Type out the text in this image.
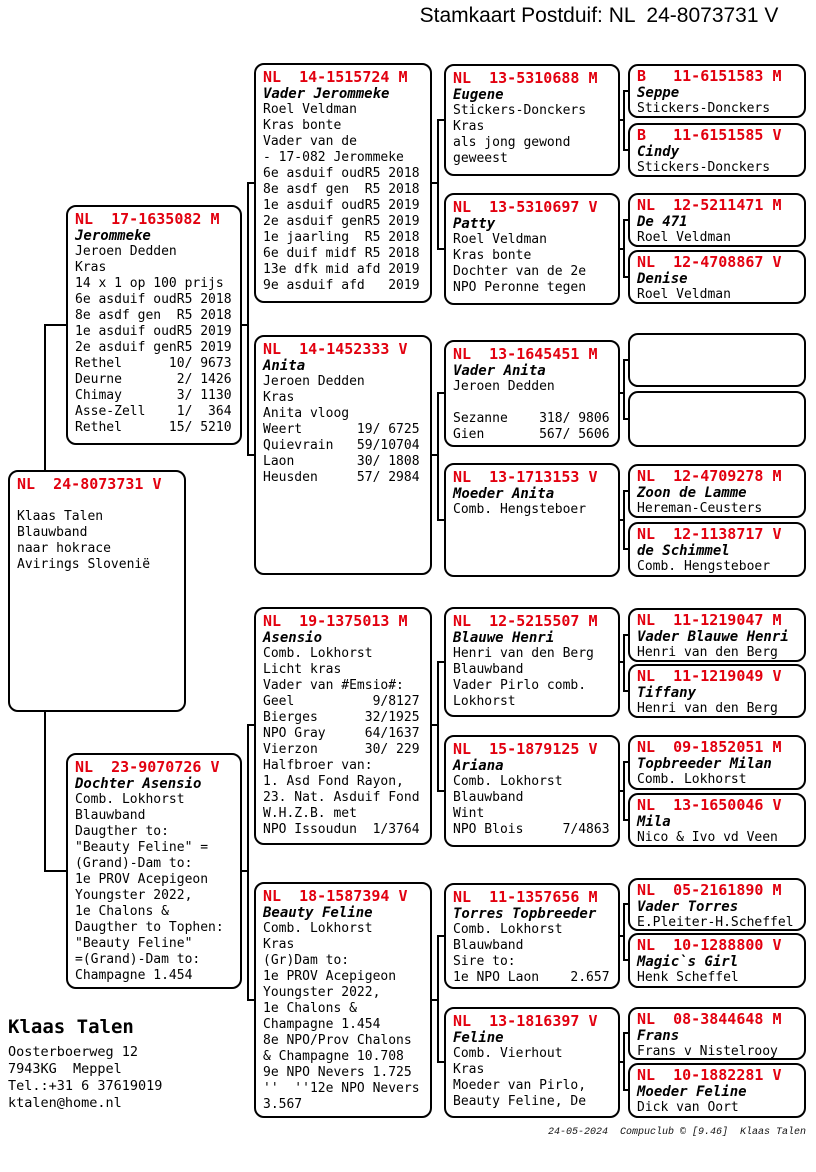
Stamkaart Postduif: NL  24-8073731 V
NL  24-8073731 V
Klaas Talen
Blauwband
naar hokrace
Avirings Slovenië
NL  17-1635082 M
Jerommeke
Jeroen Dedden
Kras
14 x 1 op 100 prijs
6e asduif oudR5 2018
8e asdf gen  R5 2018
1e asduif oudR5 2019
2e asduif genR5 2019
Rethel      10/ 9673
Deurne       2/ 1426
Chimay       3/ 1130
Asse-Zell    1/  364
Rethel      15/ 5210
NL  23-9070726 V
Dochter Asensio
Comb. Lokhorst
Blauwband
Daugther to:
"Beauty Feline" =
(Grand)-Dam to:
1e PROV Acepigeon
Youngster 2022,
1e Chalons &
Daugther to Tophen:
"Beauty Feline"
=(Grand)-Dam to:
Champagne 1.454
NL  14-1515724 M
Vader Jerommeke
Roel Veldman
Kras bonte
Vader van de
- 17-082 Jerommeke
6e asduif oudR5 2018
8e asdf gen  R5 2018
1e asduif oudR5 2019
2e asduif genR5 2019
1e jaarling  R5 2018
6e duif midf R5 2018
13e dfk mid afd 2019
9e asduif afd   2019
NL  14-1452333 V
Anita
Jeroen Dedden
Kras
Anita vloog
Weert       19/ 6725
Quievrain   59/10704
Laon        30/ 1808
Heusden     57/ 2984
NL  19-1375013 M
Asensio
Comb. Lokhorst
Licht kras
Vader van #Emsio#:
Geel          9/8127
Bierges      32/1925
NPO Gray     64/1637
Vierzon      30/ 229
Halfbroer van:
1. Asd Fond Rayon,
23. Nat. Asduif Fond
W.H.Z.B. met
NPO Issoudun  1/3764
NL  18-1587394 V
Beauty Feline
Comb. Lokhorst
Kras
(Gr)Dam to:
1e PROV Acepigeon
Youngster 2022,
1e Chalons &
Champagne 1.454
8e NPO/Prov Chalons
& Champagne 10.708
9e NPO Nevers 1.725
''  ''12e NPO Nevers
3.567
NL  13-5310688 M
Eugene
Stickers-Donckers
Kras
als jong gewond
geweest
NL  13-5310697 V
Patty
Roel Veldman
Kras bonte
Dochter van de 2e
NPO Peronne tegen
NL  13-1645451 M
Vader Anita
Jeroen Dedden

Sezanne    318/ 9806
Gien       567/ 5606
NL  13-1713153 V
Moeder Anita
Comb. Hengsteboer
NL  12-5215507 M
Blauwe Henri
Henri van den Berg
Blauwband
Vader Pirlo comb.
Lokhorst
NL  15-1879125 V
Ariana
Comb. Lokhorst
Blauwband
Wint
NPO Blois     7/4863
NL  11-1357656 M
Torres Topbreeder
Comb. Lokhorst
Blauwband
Sire to:
1e NPO Laon    2.657
NL  13-1816397 V
Feline
Comb. Vierhout
Kras
Moeder van Pirlo,
Beauty Feline, De
B   11-6151583 M
Seppe
Stickers-Donckers
B   11-6151585 V
Cindy
Stickers-Donckers
NL  12-5211471 M
De 471
Roel Veldman
NL  12-4708867 V
Denise
Roel Veldman
NL  12-4709278 M
Zoon de Lamme
Hereman-Ceusters
NL  12-1138717 V
de Schimmel
Comb. Hengsteboer
NL  11-1219047 M
Vader Blauwe Henri
Henri van den Berg
NL  11-1219049 V
Tiffany
Henri van den Berg
NL  09-1852051 M
Topbreeder Milan
Comb. Lokhorst
NL  13-1650046 V
Mila
Nico & Ivo vd Veen
NL  05-2161890 M
Vader Torres
E.Pleiter-H.Scheffel
NL  10-1288800 V
Magic`s Girl
Henk Scheffel
NL  08-3844648 M
Frans
Frans v Nistelrooy
NL  10-1882281 V
Moeder Feline
Dick van Oort
Klaas Talen
Oosterboerweg 12
7943KG  Meppel
Tel.:+31 6 37619019
ktalen@home.nl
24-05-2024  Compuclub © [9.46]  Klaas Talen
